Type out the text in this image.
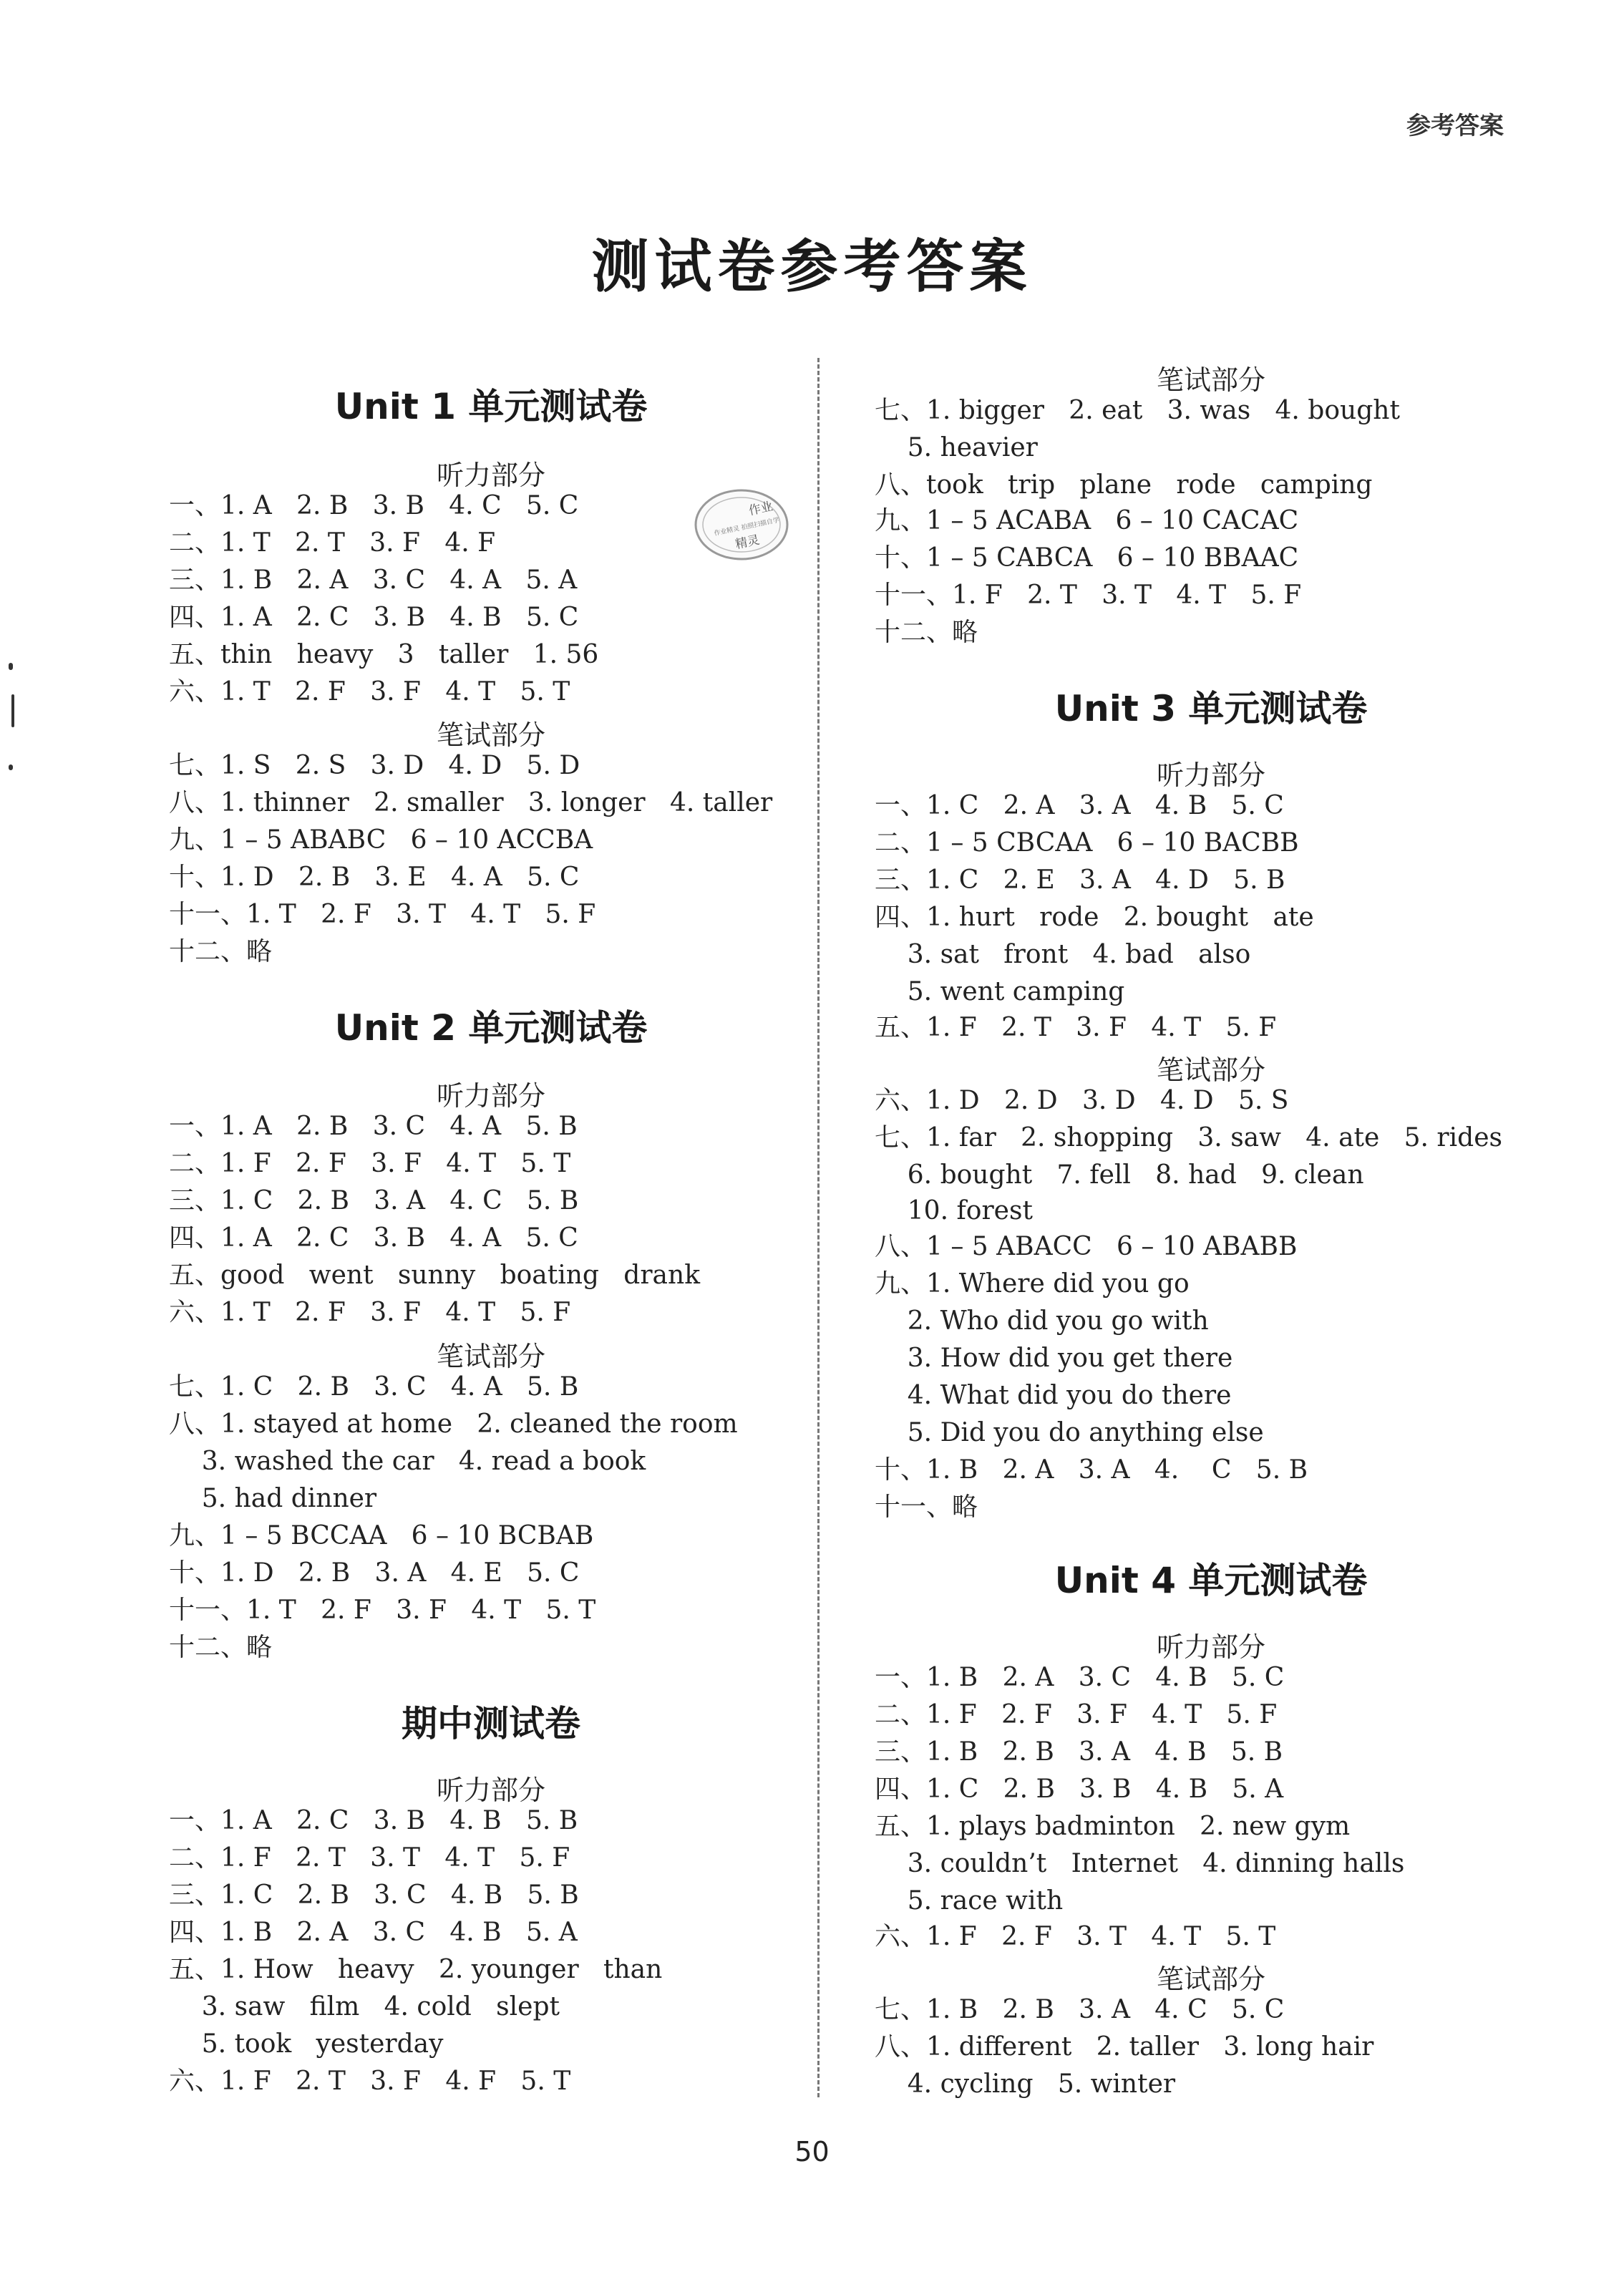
参考答案
测试卷参考答案
作业
作业精灵 拍照扫描自学
精灵
Unit 1 单元测试卷
听力部分
一、1. A   2. B   3. B   4. C   5. C
二、1. T   2. T   3. F   4. F
三、1. B   2. A   3. C   4. A   5. A
四、1. A   2. C   3. B   4. B   5. C
五、thin   heavy   3   taller   1. 56
六、1. T   2. F   3. F   4. T   5. T
笔试部分
七、1. S   2. S   3. D   4. D   5. D
八、1. thinner   2. smaller   3. longer   4. taller
九、1 – 5 ABABC   6 – 10 ACCBA
十、1. D   2. B   3. E   4. A   5. C
十一、1. T   2. F   3. T   4. T   5. F
十二、略
Unit 2 单元测试卷
听力部分
一、1. A   2. B   3. C   4. A   5. B
二、1. F   2. F   3. F   4. T   5. T
三、1. C   2. B   3. A   4. C   5. B
四、1. A   2. C   3. B   4. A   5. C
五、good   went   sunny   boating   drank
六、1. T   2. F   3. F   4. T   5. F
笔试部分
七、1. C   2. B   3. C   4. A   5. B
八、1. stayed at home   2. cleaned the room
3. washed the car   4. read a book
5. had dinner
九、1 – 5 BCCAA   6 – 10 BCBAB
十、1. D   2. B   3. A   4. E   5. C
十一、1. T   2. F   3. F   4. T   5. T
十二、略
期中测试卷
听力部分
一、1. A   2. C   3. B   4. B   5. B
二、1. F   2. T   3. T   4. T   5. F
三、1. C   2. B   3. C   4. B   5. B
四、1. B   2. A   3. C   4. B   5. A
五、1. How   heavy   2. younger   than
3. saw   film   4. cold   slept
5. took   yesterday
六、1. F   2. T   3. F   4. F   5. T
笔试部分
七、1. bigger   2. eat   3. was   4. bought
5. heavier
八、took   trip   plane   rode   camping
九、1 – 5 ACABA   6 – 10 CACAC
十、1 – 5 CABCA   6 – 10 BBAAC
十一、1. F   2. T   3. T   4. T   5. F
十二、略
Unit 3 单元测试卷
听力部分
一、1. C   2. A   3. A   4. B   5. C
二、1 – 5 CBCAA   6 – 10 BACBB
三、1. C   2. E   3. A   4. D   5. B
四、1. hurt   rode   2. bought   ate
3. sat   front   4. bad   also
5. went camping
五、1. F   2. T   3. F   4. T   5. F
笔试部分
六、1. D   2. D   3. D   4. D   5. S
七、1. far   2. shopping   3. saw   4. ate   5. rides
6. bought   7. fell   8. had   9. clean
10. forest
八、1 – 5 ABACC   6 – 10 ABABB
九、1. Where did you go
2. Who did you go with
3. How did you get there
4. What did you do there
5. Did you do anything else
十、1. B   2. A   3. A   4.    C   5. B
十一、略
Unit 4 单元测试卷
听力部分
一、1. B   2. A   3. C   4. B   5. C
二、1. F   2. F   3. F   4. T   5. F
三、1. B   2. B   3. A   4. B   5. B
四、1. C   2. B   3. B   4. B   5. A
五、1. plays badminton   2. new gym
3. couldn’t   Internet   4. dinning halls
5. race with
六、1. F   2. F   3. T   4. T   5. T
笔试部分
七、1. B   2. B   3. A   4. C   5. C
八、1. different   2. taller   3. long hair
4. cycling   5. winter
50
